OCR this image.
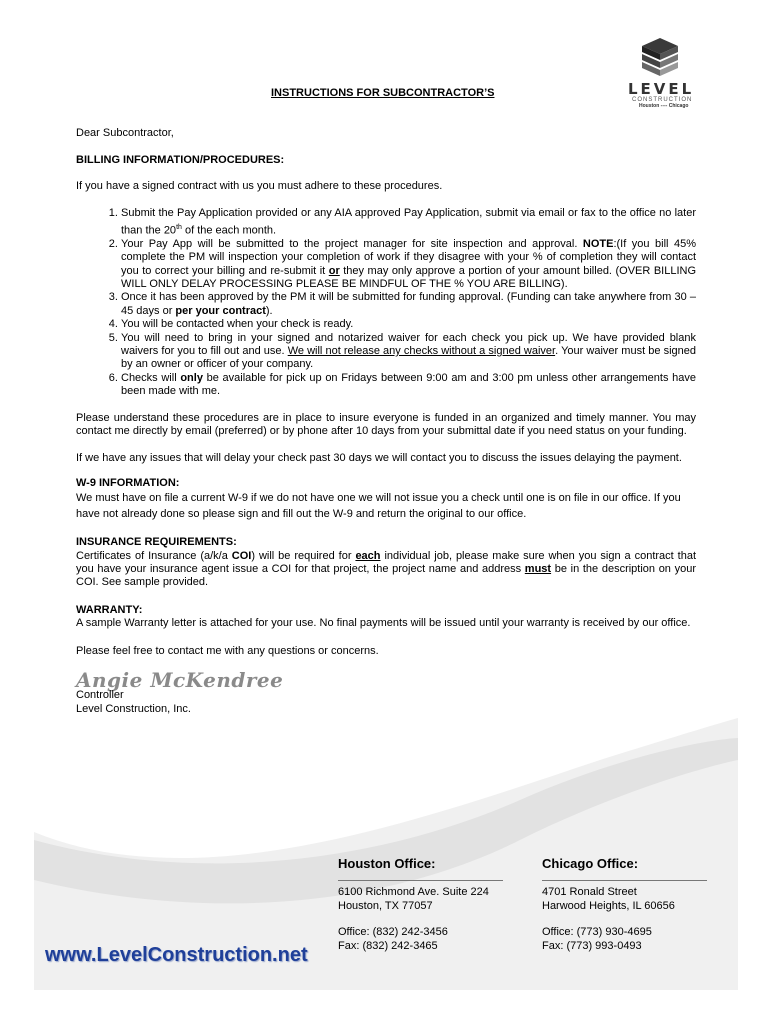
LEVEL
CONSTRUCTION
Houston ---- Chicago
INSTRUCTIONS FOR SUBCONTRACTOR’S

Dear Subcontractor,

BILLING INFORMATION/PROCEDURES:

If you have a signed contract with us you must adhere to these procedures.

1. Submit the Pay Application provided or any AIA approved Pay Application, submit via email or fax to the office no later than the 20th of the each month.
2. Your Pay App will be submitted to the project manager for site inspection and approval. NOTE:(If you bill 45% complete the PM will inspection your completion of work if they disagree with your % of completion they will contact you to correct your billing and re-submit it or they may only approve a portion of your amount billed. (OVER BILLING WILL ONLY DELAY PROCESSING PLEASE BE MINDFUL OF THE % YOU ARE BILLING).
3. Once it has been approved by the PM it will be submitted for funding approval. (Funding can take anywhere from 30 – 45 days or per your contract).
4. You will be contacted when your check is ready.
5. You will need to bring in your signed and notarized waiver for each check you pick up. We have provided blank waivers for you to fill out and use. We will not release any checks without a signed waiver. Your waiver must be signed by an owner or officer of your company.
6. Checks will only be available for pick up on Fridays between 9:00 am and 3:00 pm unless other arrangements have been made with me.

Please understand these procedures are in place to insure everyone is funded in an organized and timely manner. You may contact me directly by email (preferred) or by phone after 10 days from your submittal date if you need status on your funding.

If we have any issues that will delay your check past 30 days we will contact you to discuss the issues delaying the payment.

W-9 INFORMATION:

We must have on file a current W-9 if we do not have one we will not issue you a check until one is on file in our office. If you have not already done so please sign and fill out the W-9 and return the original to our office.

INSURANCE REQUIREMENTS:

Certificates of Insurance (a/k/a COI) will be required for each individual job, please make sure when you sign a contract that you have your insurance agent issue a COI for that project, the project name and address must be in the description on your COI. See sample provided.

WARRANTY:

A sample Warranty letter is attached for your use. No final payments will be issued until your warranty is received by our office.

Please feel free to contact me with any questions or concerns.

Angie McKendree

Controller

Level Construction, Inc.

Houston Office:
6100 Richmond Ave. Suite 224
Houston, TX 77057
Office: (832) 242-3456
Fax: (832) 242-3465
Chicago Office:
4701 Ronald Street
Harwood Heights, IL 60656
Office: (773) 930-4695
Fax: (773) 993-0493
www.LevelConstruction.net
